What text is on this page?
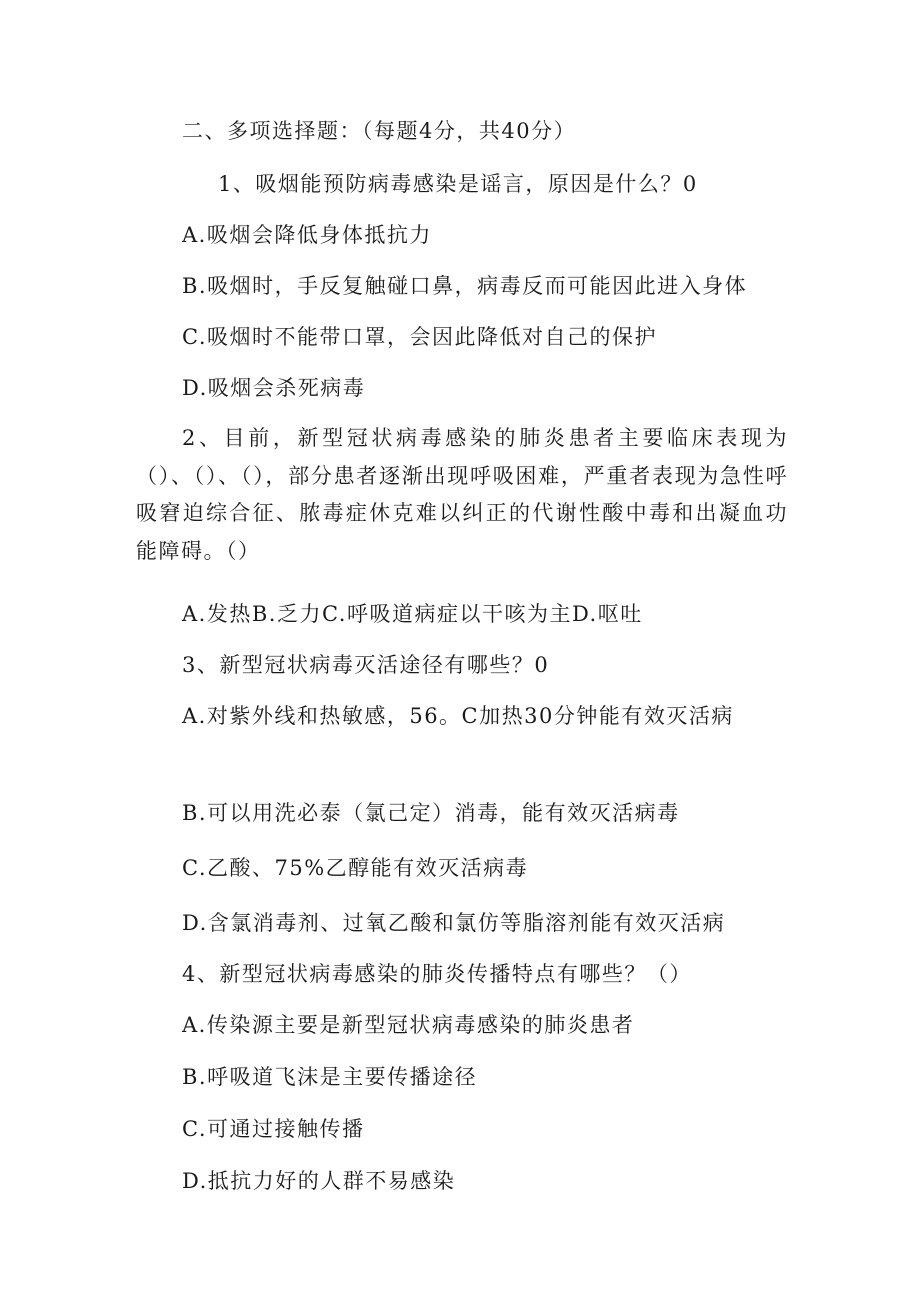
二、多项选择题：（每题4分，共40分）
1、吸烟能预防病毒感染是谣言，原因是什么？0
A.吸烟会降低身体抵抗力
B.吸烟时，手反复触碰口鼻，病毒反而可能因此进入身体
C.吸烟时不能带口罩，会因此降低对自己的保护
D.吸烟会杀死病毒
2、目前，新型冠状病毒感染的肺炎患者主要临床表现为（）、（）、（），部分患者逐渐出现呼吸困难，严重者表现为急性呼吸窘迫综合征、脓毒症休克难以纠正的代谢性酸中毒和出凝血功能障碍。（）
A.发热B.乏力C.呼吸道病症以干咳为主D.呕吐
3、新型冠状病毒灭活途径有哪些？0
A.对紫外线和热敏感，56。C加热30分钟能有效灭活病
B.可以用洗必泰（氯己定）消毒，能有效灭活病毒
C.乙酸、75%乙醇能有效灭活病毒
D.含氯消毒剂、过氧乙酸和氯仿等脂溶剂能有效灭活病
4、新型冠状病毒感染的肺炎传播特点有哪些？（）
A.传染源主要是新型冠状病毒感染的肺炎患者
B.呼吸道飞沫是主要传播途径
C.可通过接触传播
D.抵抗力好的人群不易感染
